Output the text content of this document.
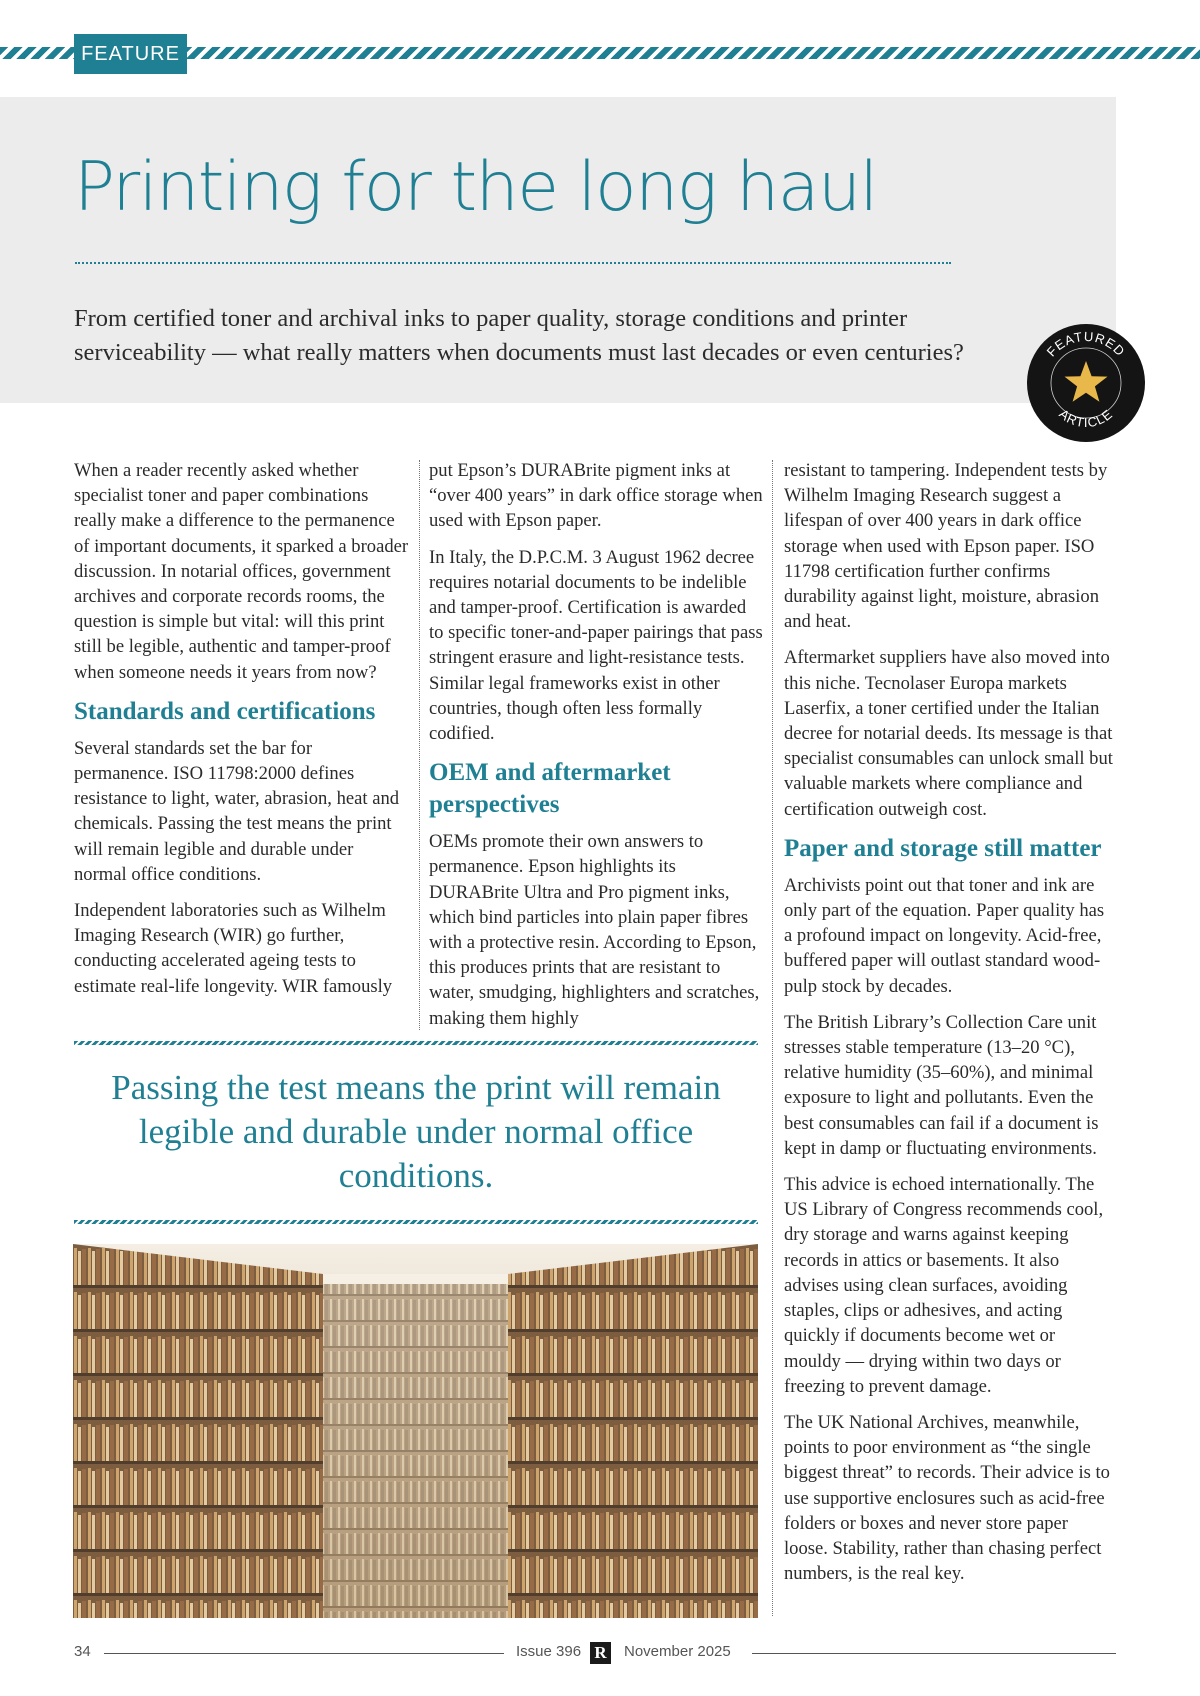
FEATURE
Printing for the long haul

From certified toner and archival inks to paper quality, storage conditions and printer serviceability — what really matters when documents must last decades or even centuries?	FEATURED
ARTICLE

When a reader recently asked whether specialist toner and paper combinations really make a difference to the permanence of important documents, it sparked a broader discussion. In notarial offices, government archives and corporate records rooms, the question is simple but vital: will this print still be legible, authentic and tamper-proof when someone needs it years from now?

Standards and certifications

Several standards set the bar for permanence. ISO 11798:2000 defines resistance to light, water, abrasion, heat and chemicals. Passing the test means the print will remain legible and durable under normal office conditions.

Independent laboratories such as Wilhelm Imaging Research (WIR) go further, conducting accelerated ageing tests to estimate real-life longevity. WIR famously

put Epson’s DURABrite pigment inks at “over 400 years” in dark office storage when used with Epson paper.

In Italy, the D.P.C.M. 3 August 1962 decree requires notarial documents to be indelible and tamper-proof. Certification is awarded to specific toner-and-paper pairings that pass stringent erasure and light-resistance tests. Similar legal frameworks exist in other countries, though often less formally codified.

OEM and aftermarket perspectives

OEMs promote their own answers to permanence. Epson highlights its DURABrite Ultra and Pro pigment inks, which bind particles into plain paper fibres with a protective resin. According to Epson, this produces prints that are resistant to water, smudging, highlighters and scratches, making them highly

resistant to tampering. Independent tests by Wilhelm Imaging Research suggest a lifespan of over 400 years in dark office storage when used with Epson paper. ISO 11798 certification further confirms durability against light, moisture, abrasion and heat.

Aftermarket suppliers have also moved into this niche. Tecnolaser Europa markets Laserfix, a toner certified under the Italian decree for notarial deeds. Its message is that specialist consumables can unlock small but valuable markets where compliance and certification outweigh cost.

Paper and storage still matter

Archivists point out that toner and ink are only part of the equation. Paper quality has a profound impact on longevity. Acid-free, buffered paper will outlast standard wood-pulp stock by decades.

The British Library’s Collection Care unit stresses stable temperature (13–20 °C), relative humidity (35–60%), and minimal exposure to light and pollutants. Even the best consumables can fail if a document is kept in damp or fluctuating environments.

This advice is echoed internationally. The US Library of Congress recommends cool, dry storage and warns against keeping records in attics or basements. It also advises using clean surfaces, avoiding staples, clips or adhesives, and acting quickly if documents become wet or mouldy — drying within two days or freezing to prevent damage.

The UK National Archives, meanwhile, points to poor environment as “the single biggest threat” to records. Their advice is to use supportive enclosures such as acid-free folders or boxes and never store paper loose. Stability, rather than chasing perfect numbers, is the real key.

Passing the test means the print will remain legible and durable under normal office conditions.

34	Issue 396 R November 2025
